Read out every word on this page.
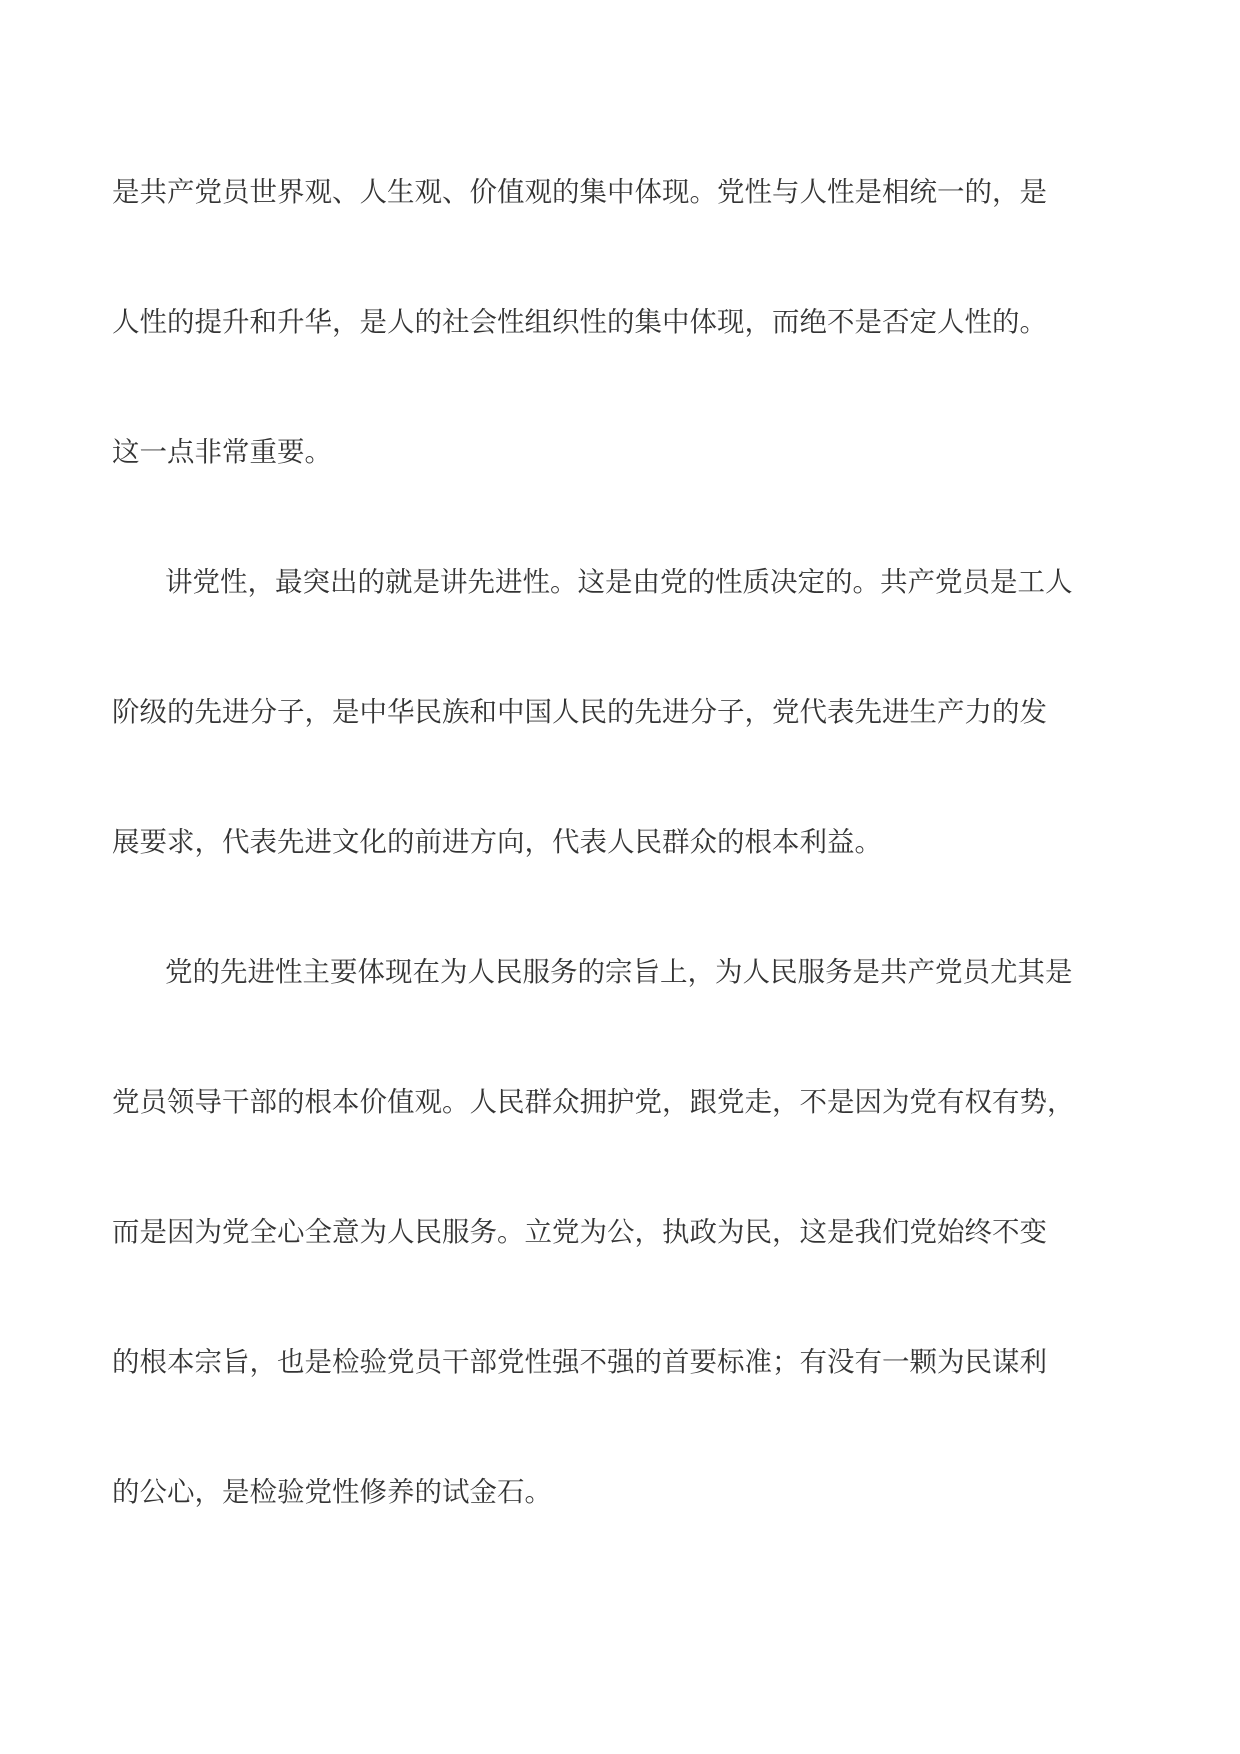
是共产党员世界观、人生观、价值观的集中体现。党性与人性是相统一的，是
人性的提升和升华，是人的社会性组织性的集中体现，而绝不是否定人性的。
这一点非常重要。
讲党性，最突出的就是讲先进性。这是由党的性质决定的。共产党员是工人
阶级的先进分子，是中华民族和中国人民的先进分子，党代表先进生产力的发
展要求，代表先进文化的前进方向，代表人民群众的根本利益。
党的先进性主要体现在为人民服务的宗旨上，为人民服务是共产党员尤其是
党员领导干部的根本价值观。人民群众拥护党，跟党走，不是因为党有权有势，
而是因为党全心全意为人民服务。立党为公，执政为民，这是我们党始终不变
的根本宗旨，也是检验党员干部党性强不强的首要标准；有没有一颗为民谋利
的公心，是检验党性修养的试金石。
